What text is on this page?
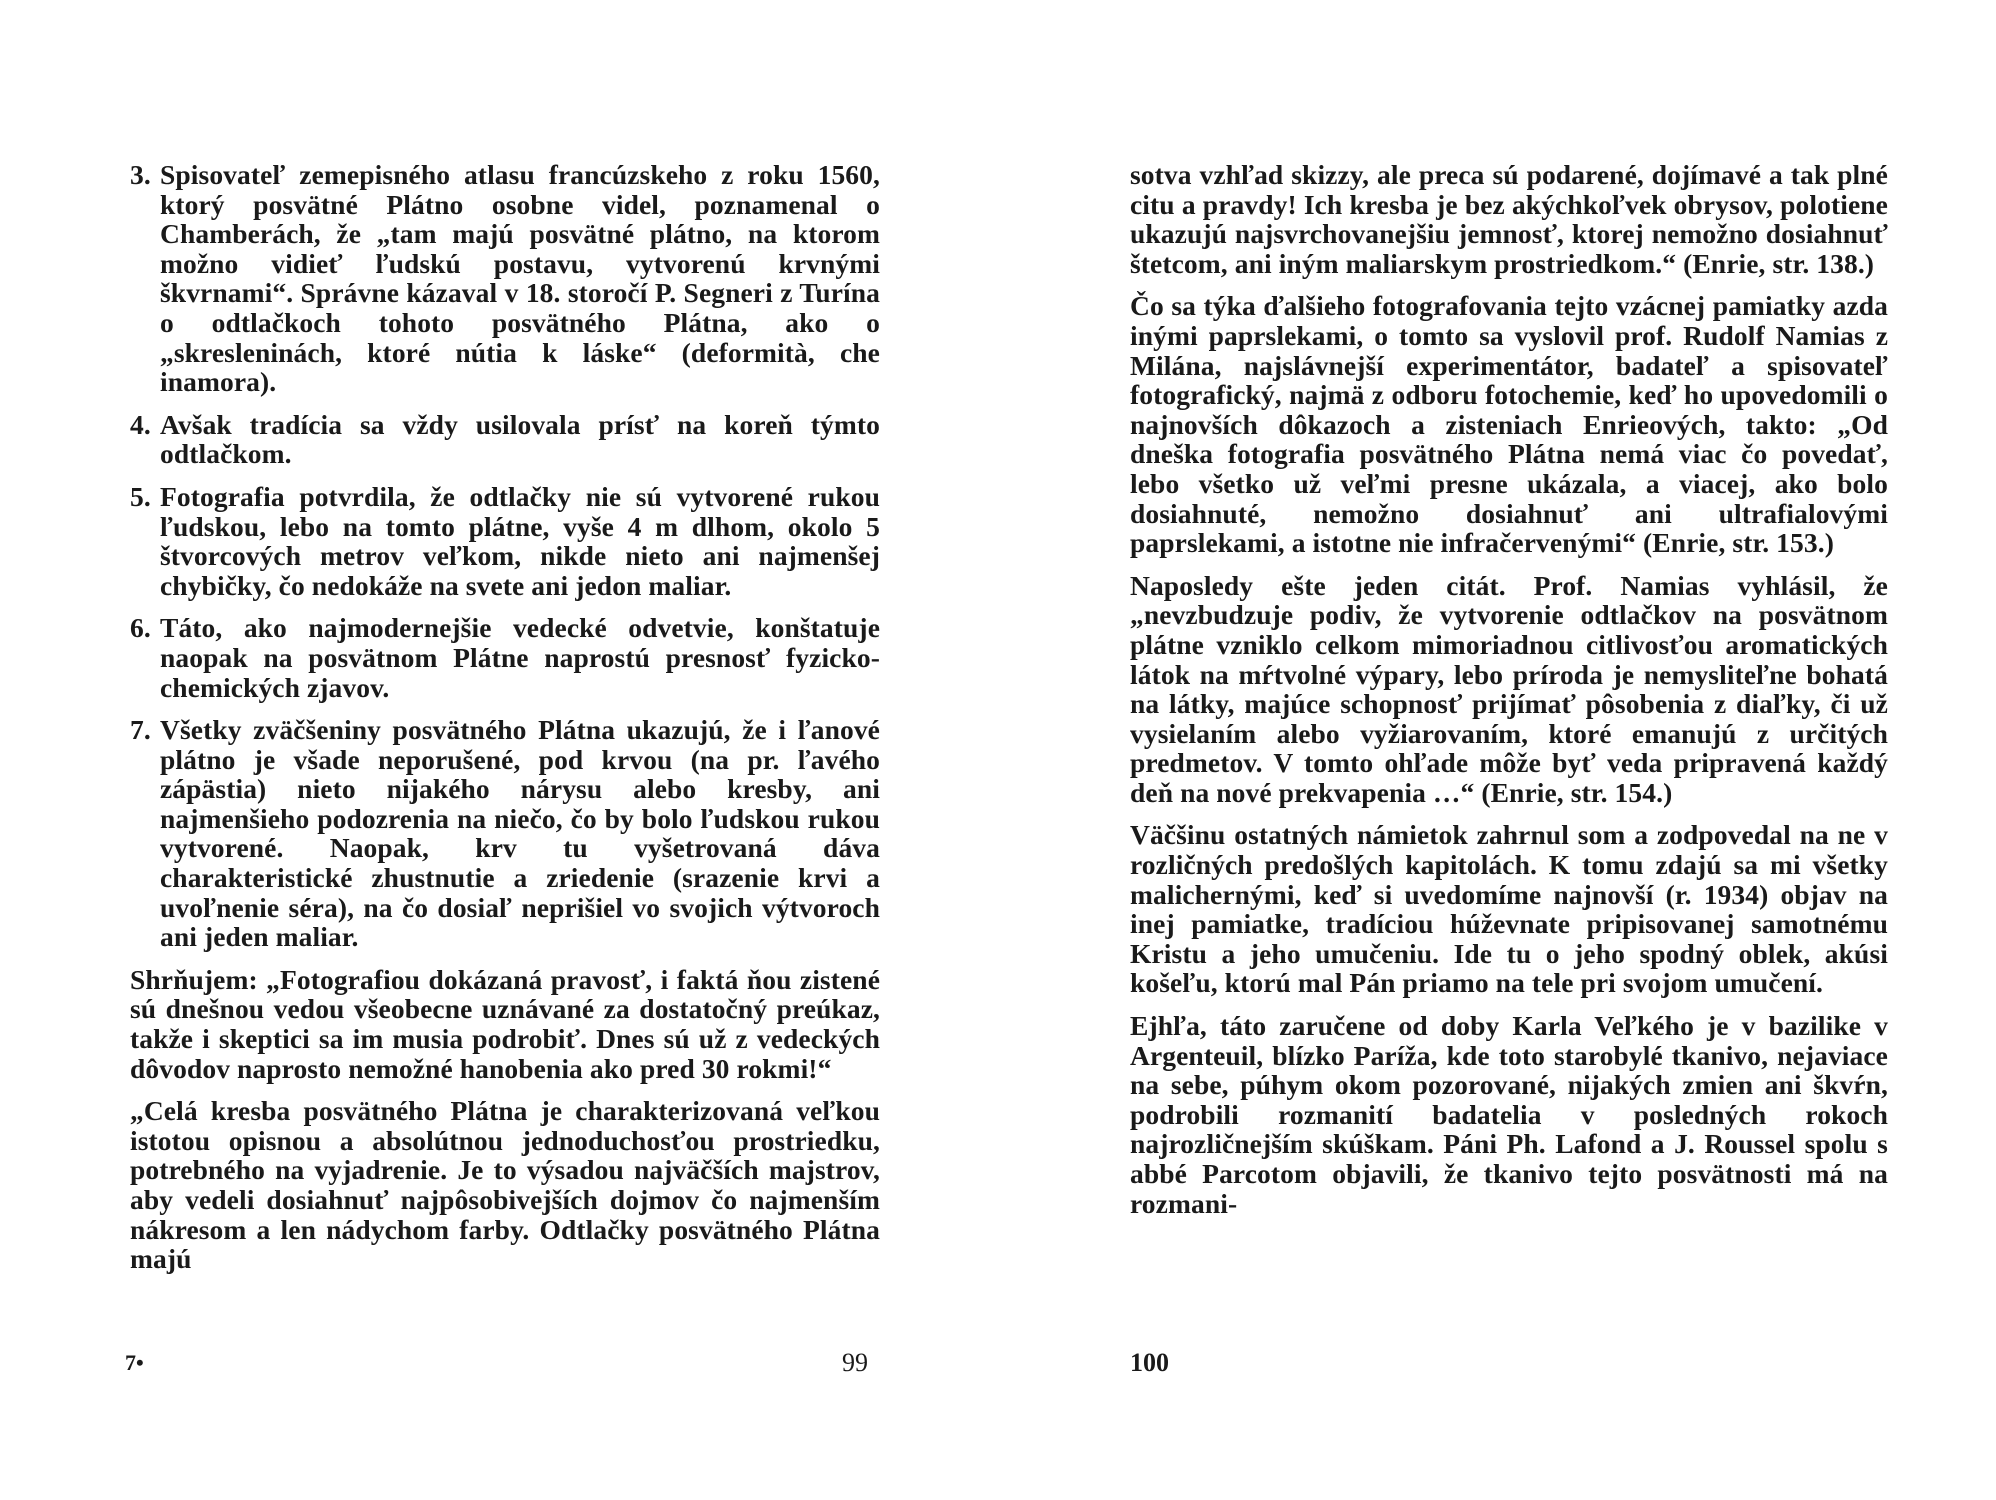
3. Spisovateľ zemepisného atlasu francúzskeho z roku 1560, ktorý posvätné Plátno osobne videl, poznamenal o Chamberách, že „tam majú posvätné plátno, na ktorom možno vidieť ľudskú postavu, vytvorenú krvnými škvrnami“. Správne kázaval v 18. storočí P. Segneri z Turína o odtlačkoch tohoto posvätného Plátna, ako o „skresleninách, ktoré nútia k láske“ (deformità, che inamora).
4. Avšak tradícia sa vždy usilovala prísť na koreň týmto odtlačkom.
5. Fotografia potvrdila, že odtlačky nie sú vytvorené rukou ľudskou, lebo na tomto plátne, vyše 4 m dlhom, okolo 5 štvorcových metrov veľkom, nikde nieto ani najmenšej chybičky, čo nedokáže na svete ani jedon maliar.
6. Táto, ako najmodernejšie vedecké odvetvie, konštatuje naopak na posvätnom Plátne naprostú presnosť fyzicko-chemických zjavov.
7. Všetky zväčšeniny posvätného Plátna ukazujú, že i ľanové plátno je všade neporušené, pod krvou (na pr. ľavého zápästia) nieto nijakého nárysu alebo kresby, ani najmenšieho podozrenia na niečo, čo by bolo ľudskou rukou vytvorené. Naopak, krv tu vyšetrovaná dáva charakteristické zhustnutie a zriedenie (srazenie krvi a uvoľnenie séra), na čo dosiaľ neprišiel vo svojich výtvoroch ani jeden maliar.

Shrňujem: „Fotografiou dokázaná pravosť, i faktá ňou zistené sú dnešnou vedou všeobecne uznávané za dostatočný preúkaz, takže i skeptici sa im musia podrobiť. Dnes sú už z vedeckých dôvodov naprosto nemožné hanobenia ako pred 30 rokmi!“

„Celá kresba posvätného Plátna je charakterizovaná veľkou istotou opisnou a absolútnou jednoduchosťou prostriedku, potrebného na vyjadrenie. Je to výsadou najväčších majstrov, aby vedeli dosiahnuť najpôsobivejších dojmov čo najmenším nákresom a len nádychom farby. Odtlačky posvätného Plátna majú

7•	99

sotva vzhľad skizzy, ale preca sú podarené, dojímavé a tak plné citu a pravdy! Ich kresba je bez akýchkoľvek obrysov, polotiene ukazujú najsvrchovanejšiu jemnosť, ktorej nemožno dosiahnuť štetcom, ani iným maliarskym prostriedkom.“ (Enrie, str. 138.)

Čo sa týka ďalšieho fotografovania tejto vzácnej pamiatky azda inými paprslekami, o tomto sa vyslovil prof. Rudolf Namias z Milána, najslávnejší experimentátor, badateľ a spisovateľ fotografický, najmä z odboru fotochemie, keď ho upovedomili o najnovších dôkazoch a zisteniach Enrieových, takto: „Od dneška fotografia posvätného Plátna nemá viac čo povedať, lebo všetko už veľmi presne ukázala, a viacej, ako bolo dosiahnuté, nemožno dosiahnuť ani ultrafialovými paprslekami, a istotne nie infračervenými“ (Enrie, str. 153.)

Naposledy ešte jeden citát. Prof. Namias vyhlásil, že „nevzbudzuje podiv, že vytvorenie odtlačkov na posvätnom plátne vzniklo celkom mimoriadnou citlivosťou aromatických látok na mŕtvolné výpary, lebo príroda je nemysliteľne bohatá na látky, majúce schopnosť prijímať pôsobenia z diaľky, či už vysielaním alebo vyžiarovaním, ktoré emanujú z určitých predmetov. V tomto ohľade môže byť veda pripravená každý deň na nové prekvapenia …“ (Enrie, str. 154.)

Väčšinu ostatných námietok zahrnul som a zodpovedal na ne v rozličných predošlých kapitolách. K tomu zdajú sa mi všetky malichernými, keď si uvedomíme najnovší (r. 1934) objav na inej pamiatke, tradíciou húževnate pripisovanej samotnému Kristu a jeho umučeniu. Ide tu o jeho spodný oblek, akúsi košeľu, ktorú mal Pán priamo na tele pri svojom umučení.

Ejhľa, táto zaručene od doby Karla Veľkého je v bazilike v Argenteuil, blízko Paríža, kde toto starobylé tkanivo, nejaviace na sebe, púhym okom pozorované, nijakých zmien ani škvŕn, podrobili rozmanití badatelia v posledných rokoch najrozličnejším skúškam. Páni Ph. Lafond a J. Roussel spolu s abbé Parcotom objavili, že tkanivo tejto posvätnosti má na rozmani-

100
